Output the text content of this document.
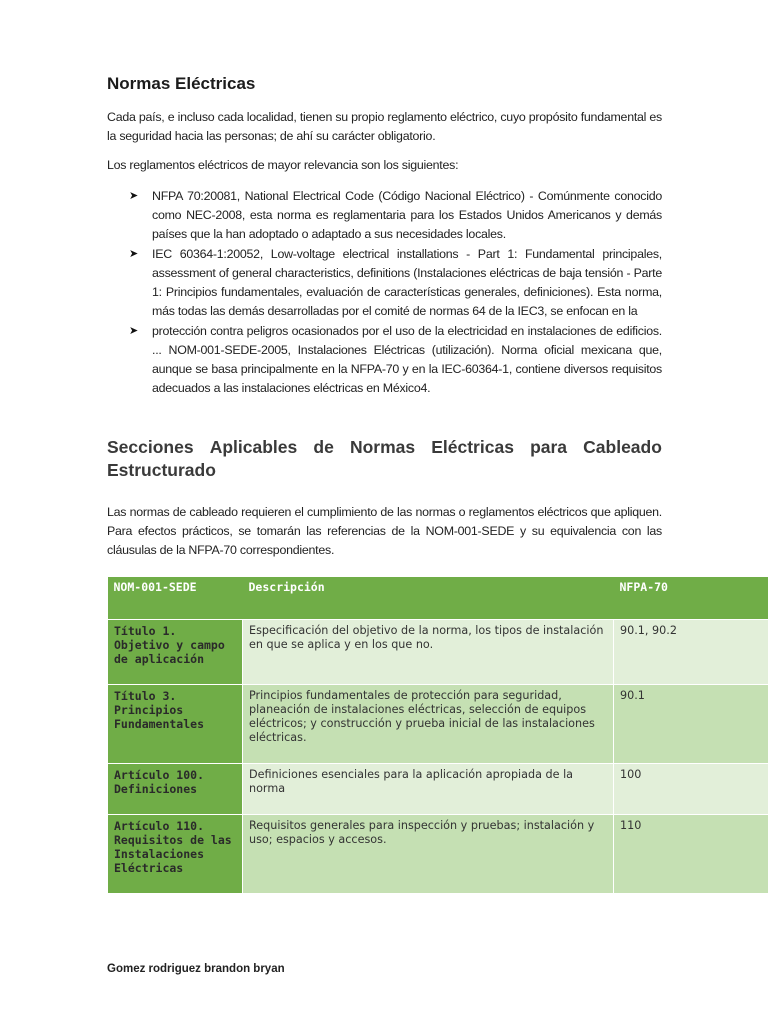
Normas Eléctricas

Cada país, e incluso cada localidad, tienen su propio reglamento eléctrico, cuyo propósito fundamental es la seguridad hacia las personas; de ahí su carácter obligatorio.

Los reglamentos eléctricos de mayor relevancia son los siguientes:

➤ NFPA 70:20081, National Electrical Code (Código Nacional Eléctrico) - Comúnmente conocido como NEC-2008, esta norma es reglamentaria para los Estados Unidos Americanos y demás países que la han adoptado o adaptado a sus necesidades locales.
➤ IEC 60364-1:20052, Low-voltage electrical installations - Part 1: Fundamental principales, assessment of general characteristics, definitions (Instalaciones eléctricas de baja tensión - Parte 1: Principios fundamentales, evaluación de características generales, definiciones). Esta norma, más todas las demás desarrolladas por el comité de normas 64 de la IEC3, se enfocan en la
➤ protección contra peligros ocasionados por el uso de la electricidad en instalaciones de edificios. ... NOM-001-SEDE-2005, Instalaciones Eléctricas (utilización). Norma oficial mexicana que, aunque se basa principalmente en la NFPA-70 y en la IEC-60364-1, contiene diversos requisitos adecuados a las instalaciones eléctricas en México4.
Secciones Aplicables de Normas Eléctricas para Cableado
Estructurado

Las normas de cableado requieren el cumplimiento de las normas o reglamentos eléctricos que apliquen. Para efectos prácticos, se tomarán las referencias de la NOM-001-SEDE y su equivalencia con las cláusulas de la NFPA-70 correspondientes.

NOM-001-SEDE	Descripción	NFPA-70
Título 1. Objetivo y campo de aplicación	Especificación del objetivo de la norma, los tipos de instalación en que se aplica y en los que no.	90.1, 90.2
Título 3. Principios Fundamentales	Principios fundamentales de protección para seguridad, planeación de instalaciones eléctricas, selección de equipos eléctricos; y construcción y prueba inicial de las instalaciones eléctricas.	90.1
Artículo 100. Definiciones	Definiciones esenciales para la aplicación apropiada de la norma	100
Artículo 110. Requisitos de las Instalaciones Eléctricas	Requisitos generales para inspección y pruebas; instalación y uso; espacios y accesos.	110
Gomez rodriguez brandon bryan
